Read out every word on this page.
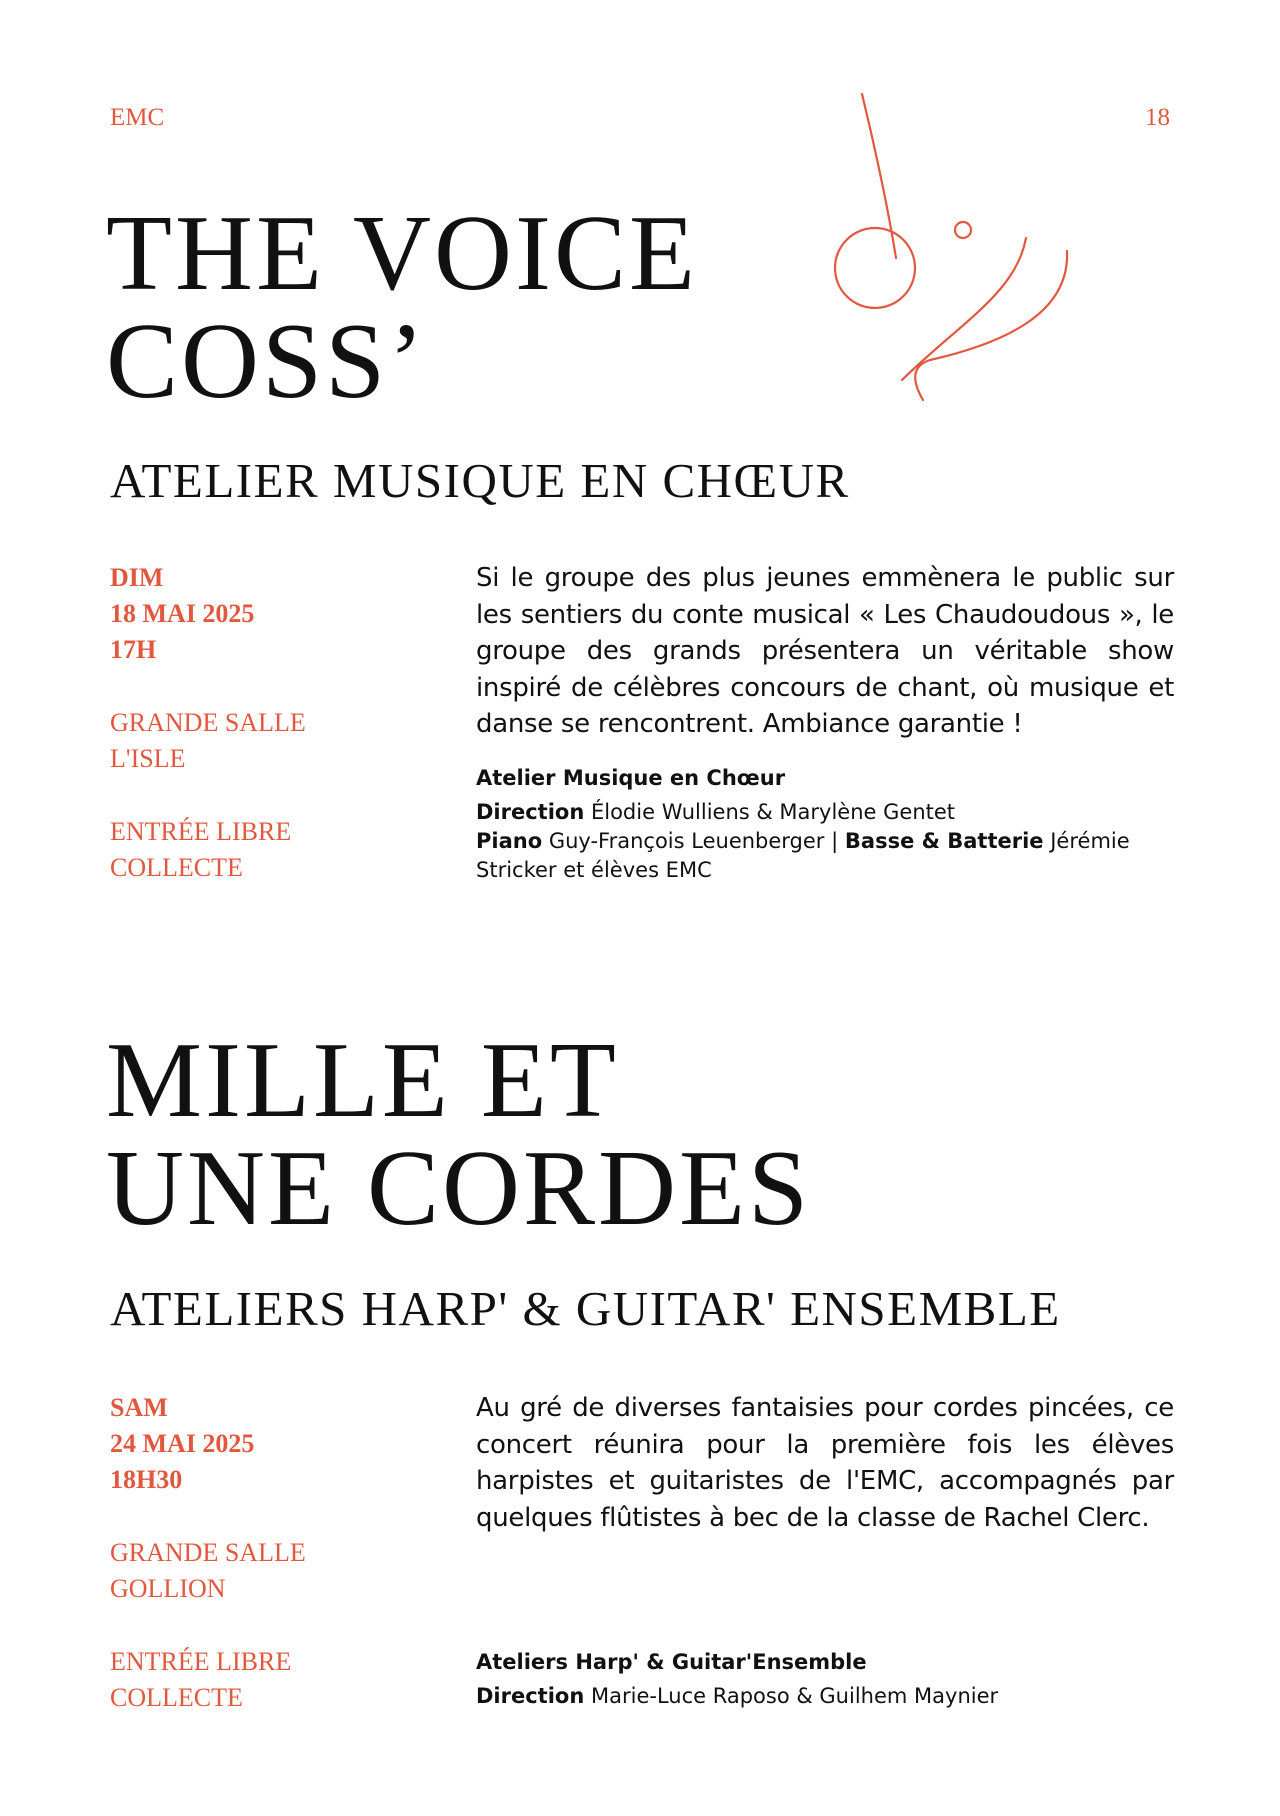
EMC	18
THE VOICE
COSS’
ATELIER MUSIQUE EN CHŒUR
DIM
18 MAI 2025
17H
GRANDE SALLE
L'ISLE
ENTRÉE LIBRE
COLLECTE

Si le groupe des plus jeunes emmènera le public sur les sentiers du conte musical « Les Chaudoudous », le groupe des grands présentera un véritable show inspiré de célèbres concours de chant, où musique et danse se rencontrent. Ambiance garantie !

Atelier Musique en Chœur
Direction Élodie Wulliens & Marylène Gentet
Piano Guy-François Leuenberger | Basse & Batterie Jérémie Stricker et élèves EMC
MILLE ET
UNE CORDES
ATELIERS HARP' & GUITAR' ENSEMBLE
SAM
24 MAI 2025
18H30
GRANDE SALLE
GOLLION
ENTRÉE LIBRE
COLLECTE

Au gré de diverses fantaisies pour cordes pincées, ce concert réunira pour la première fois les élèves harpistes et guitaristes de l'EMC, accompagnés par quelques flûtistes à bec de la classe de Rachel Clerc.

Ateliers Harp' & Guitar'Ensemble
Direction Marie-Luce Raposo & Guilhem Maynier
